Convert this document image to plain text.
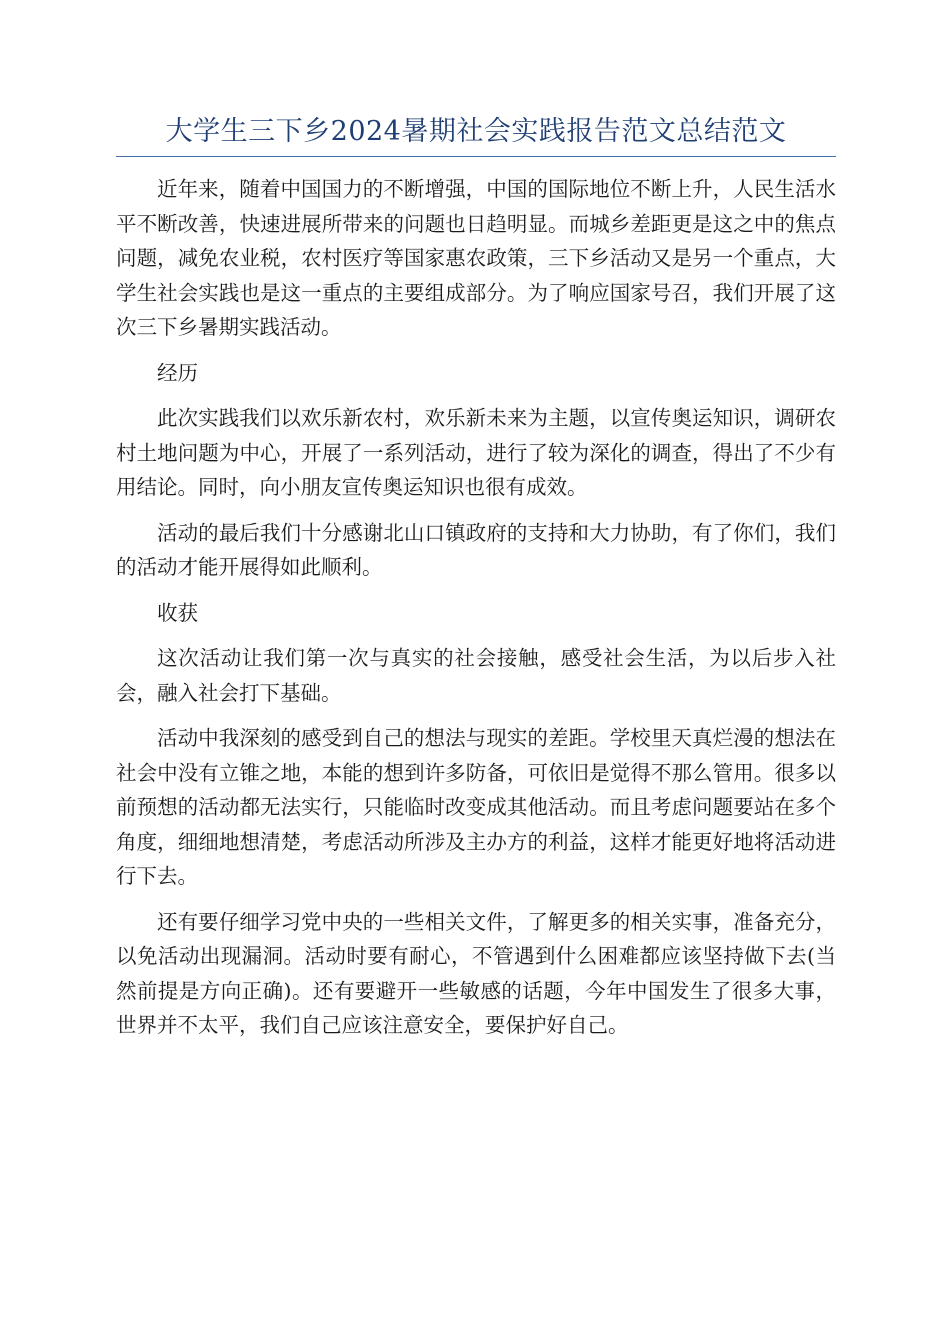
大学生三下乡2024暑期社会实践报告范文总结范文

近年来，随着中国国力的不断增强，中国的国际地位不断上升，人民生活水平不断改善，快速进展所带来的问题也日趋明显。而城乡差距更是这之中的焦点问题，减免农业税，农村医疗等国家惠农政策，三下乡活动又是另一个重点，大学生社会实践也是这一重点的主要组成部分。为了响应国家号召，我们开展了这次三下乡暑期实践活动。

经历

此次实践我们以欢乐新农村，欢乐新未来为主题，以宣传奥运知识，调研农村土地问题为中心，开展了一系列活动，进行了较为深化的调查，得出了不少有用结论。同时，向小朋友宣传奥运知识也很有成效。

活动的最后我们十分感谢北山口镇政府的支持和大力协助，有了你们，我们的活动才能开展得如此顺利。

收获

这次活动让我们第一次与真实的社会接触，感受社会生活，为以后步入社会，融入社会打下基础。

活动中我深刻的感受到自己的想法与现实的差距。学校里天真烂漫的想法在社会中没有立锥之地，本能的想到许多防备，可依旧是觉得不那么管用。很多以前预想的活动都无法实行，只能临时改变成其他活动。而且考虑问题要站在多个角度，细细地想清楚，考虑活动所涉及主办方的利益，这样才能更好地将活动进行下去。

还有要仔细学习党中央的一些相关文件，了解更多的相关实事，准备充分，以免活动出现漏洞。活动时要有耐心，不管遇到什么困难都应该坚持做下去(当然前提是方向正确)。还有要避开一些敏感的话题，今年中国发生了很多大事，世界并不太平，我们自己应该注意安全，要保护好自己。
